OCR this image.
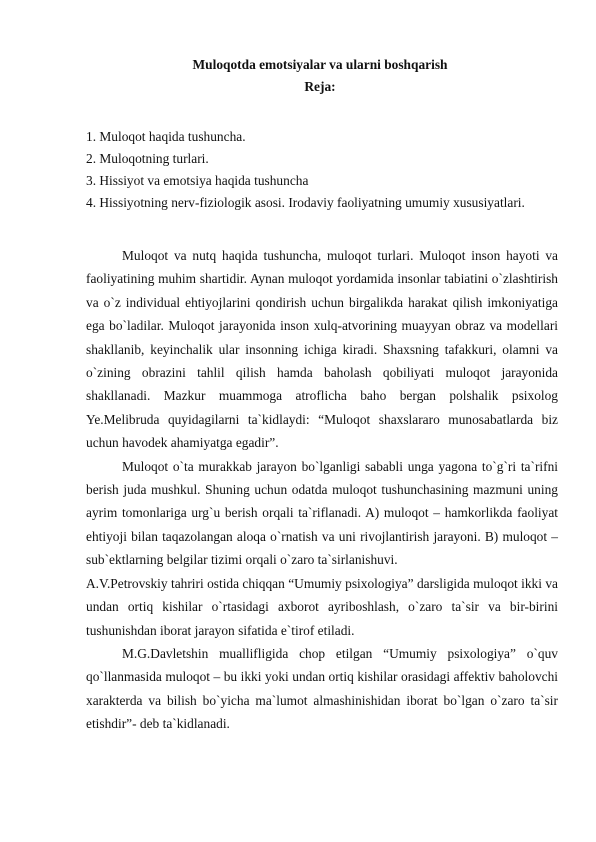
Muloqotda emotsiyalar va ularni boshqarish
Reja:
1. Muloqot haqida tushuncha.
2. Muloqotning turlari.
3. Hissiyot va emotsiya haqida tushuncha
4. Hissiyotning nerv-fiziologik asosi. Irodaviy faoliyatning umumiy xususiyatlari.

Muloqot va nutq haqida tushuncha, muloqot turlari. Muloqot inson hayoti va faoliyatining muhim shartidir. Aynan muloqot yordamida insonlar tabiatini o`zlashtirish va o`z individual ehtiyojlarini qondirish uchun birgalikda harakat qilish imkoniyatiga ega bo`ladilar. Muloqot jarayonida inson xulq-atvorining muayyan obraz va modellari shakllanib, keyinchalik ular insonning ichiga kiradi. Shaxsning tafakkuri, olamni va o`zining obrazini tahlil qilish hamda baholash qobiliyati muloqot jarayonida shakllanadi. Mazkur muammoga atroflicha baho bergan polshalik psixolog Ye.Melibruda quyidagilarni ta`kidlaydi: “Muloqot shaxslararo munosabatlarda biz uchun havodek ahamiyatga egadir”.

Muloqot o`ta murakkab jarayon bo`lganligi sababli unga yagona to`g`ri ta`rifni berish juda mushkul. Shuning uchun odatda muloqot tushunchasining mazmuni uning ayrim tomonlariga urg`u berish orqali ta`riflanadi. A) muloqot – hamkorlikda faoliyat ehtiyoji bilan taqazolangan aloqa o`rnatish va uni rivojlantirish jarayoni. B) muloqot – sub`ektlarning belgilar tizimi orqali o`zaro ta`sirlanishuvi.

A.V.Petrovskiy tahriri ostida chiqqan “Umumiy psixologiya” darsligida muloqot ikki va undan ortiq kishilar o`rtasidagi axborot ayriboshlash, o`zaro ta`sir va bir-birini tushunishdan iborat jarayon sifatida e`tirof etiladi.

M.G.Davletshin muallifligida chop etilgan “Umumiy psixologiya” o`quv qo`llanmasida muloqot – bu ikki yoki undan ortiq kishilar orasidagi affektiv baholovchi xarakterda va bilish bo`yicha ma`lumot almashinishidan iborat bo`lgan o`zaro ta`sir etishdir”- deb ta`kidlanadi.
